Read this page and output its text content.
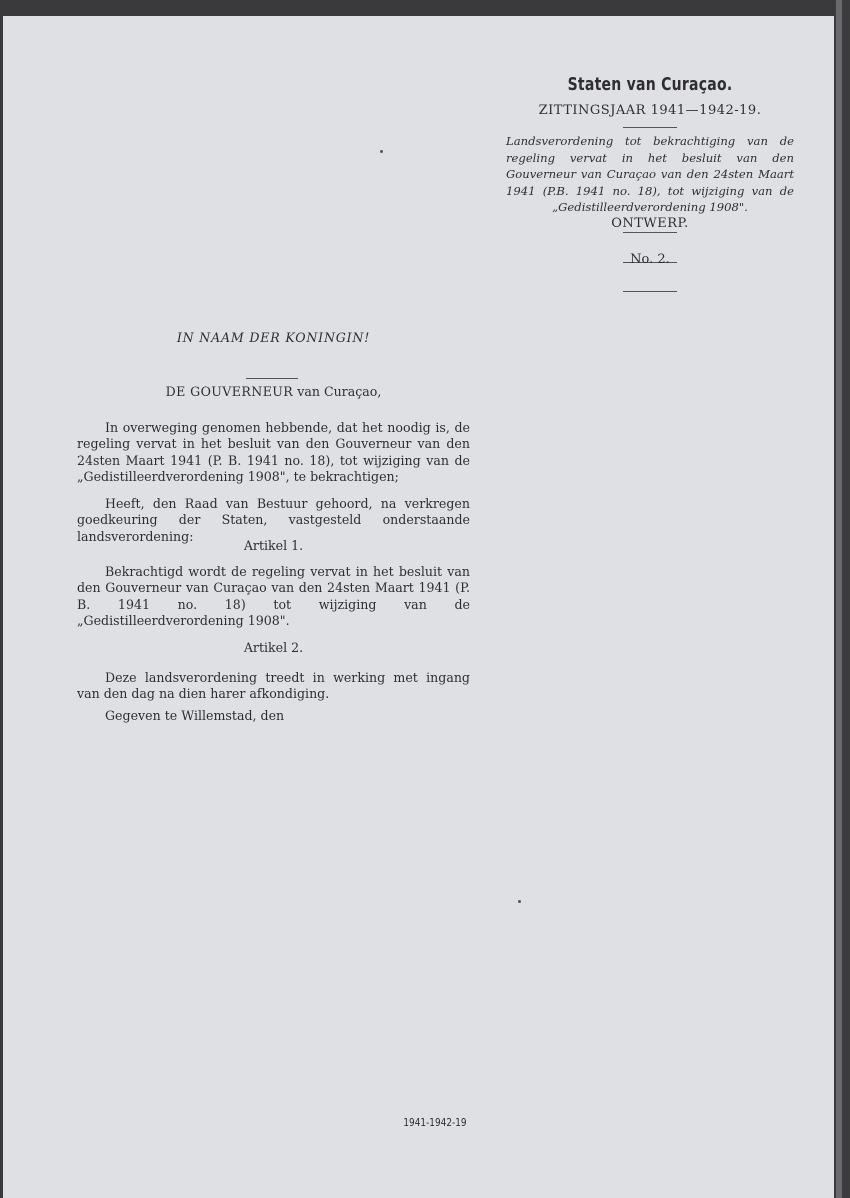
Staten van Curaçao.
ZITTINGSJAAR 1941—1942-19.
Landsverordening tot bekrachtiging van de regeling vervat in het besluit van den Gouverneur van Curaçao van den 24sten Maart 1941 (P.B. 1941 no. 18), tot wijziging van de „Gedistilleerdverordening 1908".
ONTWERP.
No. 2.
IN NAAM DER KONINGIN!
DE GOUVERNEUR van Curaçao,
In overweging genomen hebbende, dat het noodig is, de regeling vervat in het besluit van den Gouverneur van den 24sten Maart 1941 (P. B. 1941 no. 18), tot wijziging van de „Gedistilleerdverordening 1908", te bekrachtigen;
Heeft, den Raad van Bestuur gehoord, na verkregen goedkeuring der Staten, vastgesteld onderstaande landsverordening:
Artikel 1.
Bekrachtigd wordt de regeling vervat in het besluit van den Gouverneur van Curaçao van den 24sten Maart 1941 (P. B. 1941 no. 18) tot wijziging van de „Gedistilleerdverordening 1908".
Artikel 2.
Deze landsverordening treedt in werking met ingang van den dag na dien harer afkondiging.
Gegeven te Willemstad, den
1941-1942-19
